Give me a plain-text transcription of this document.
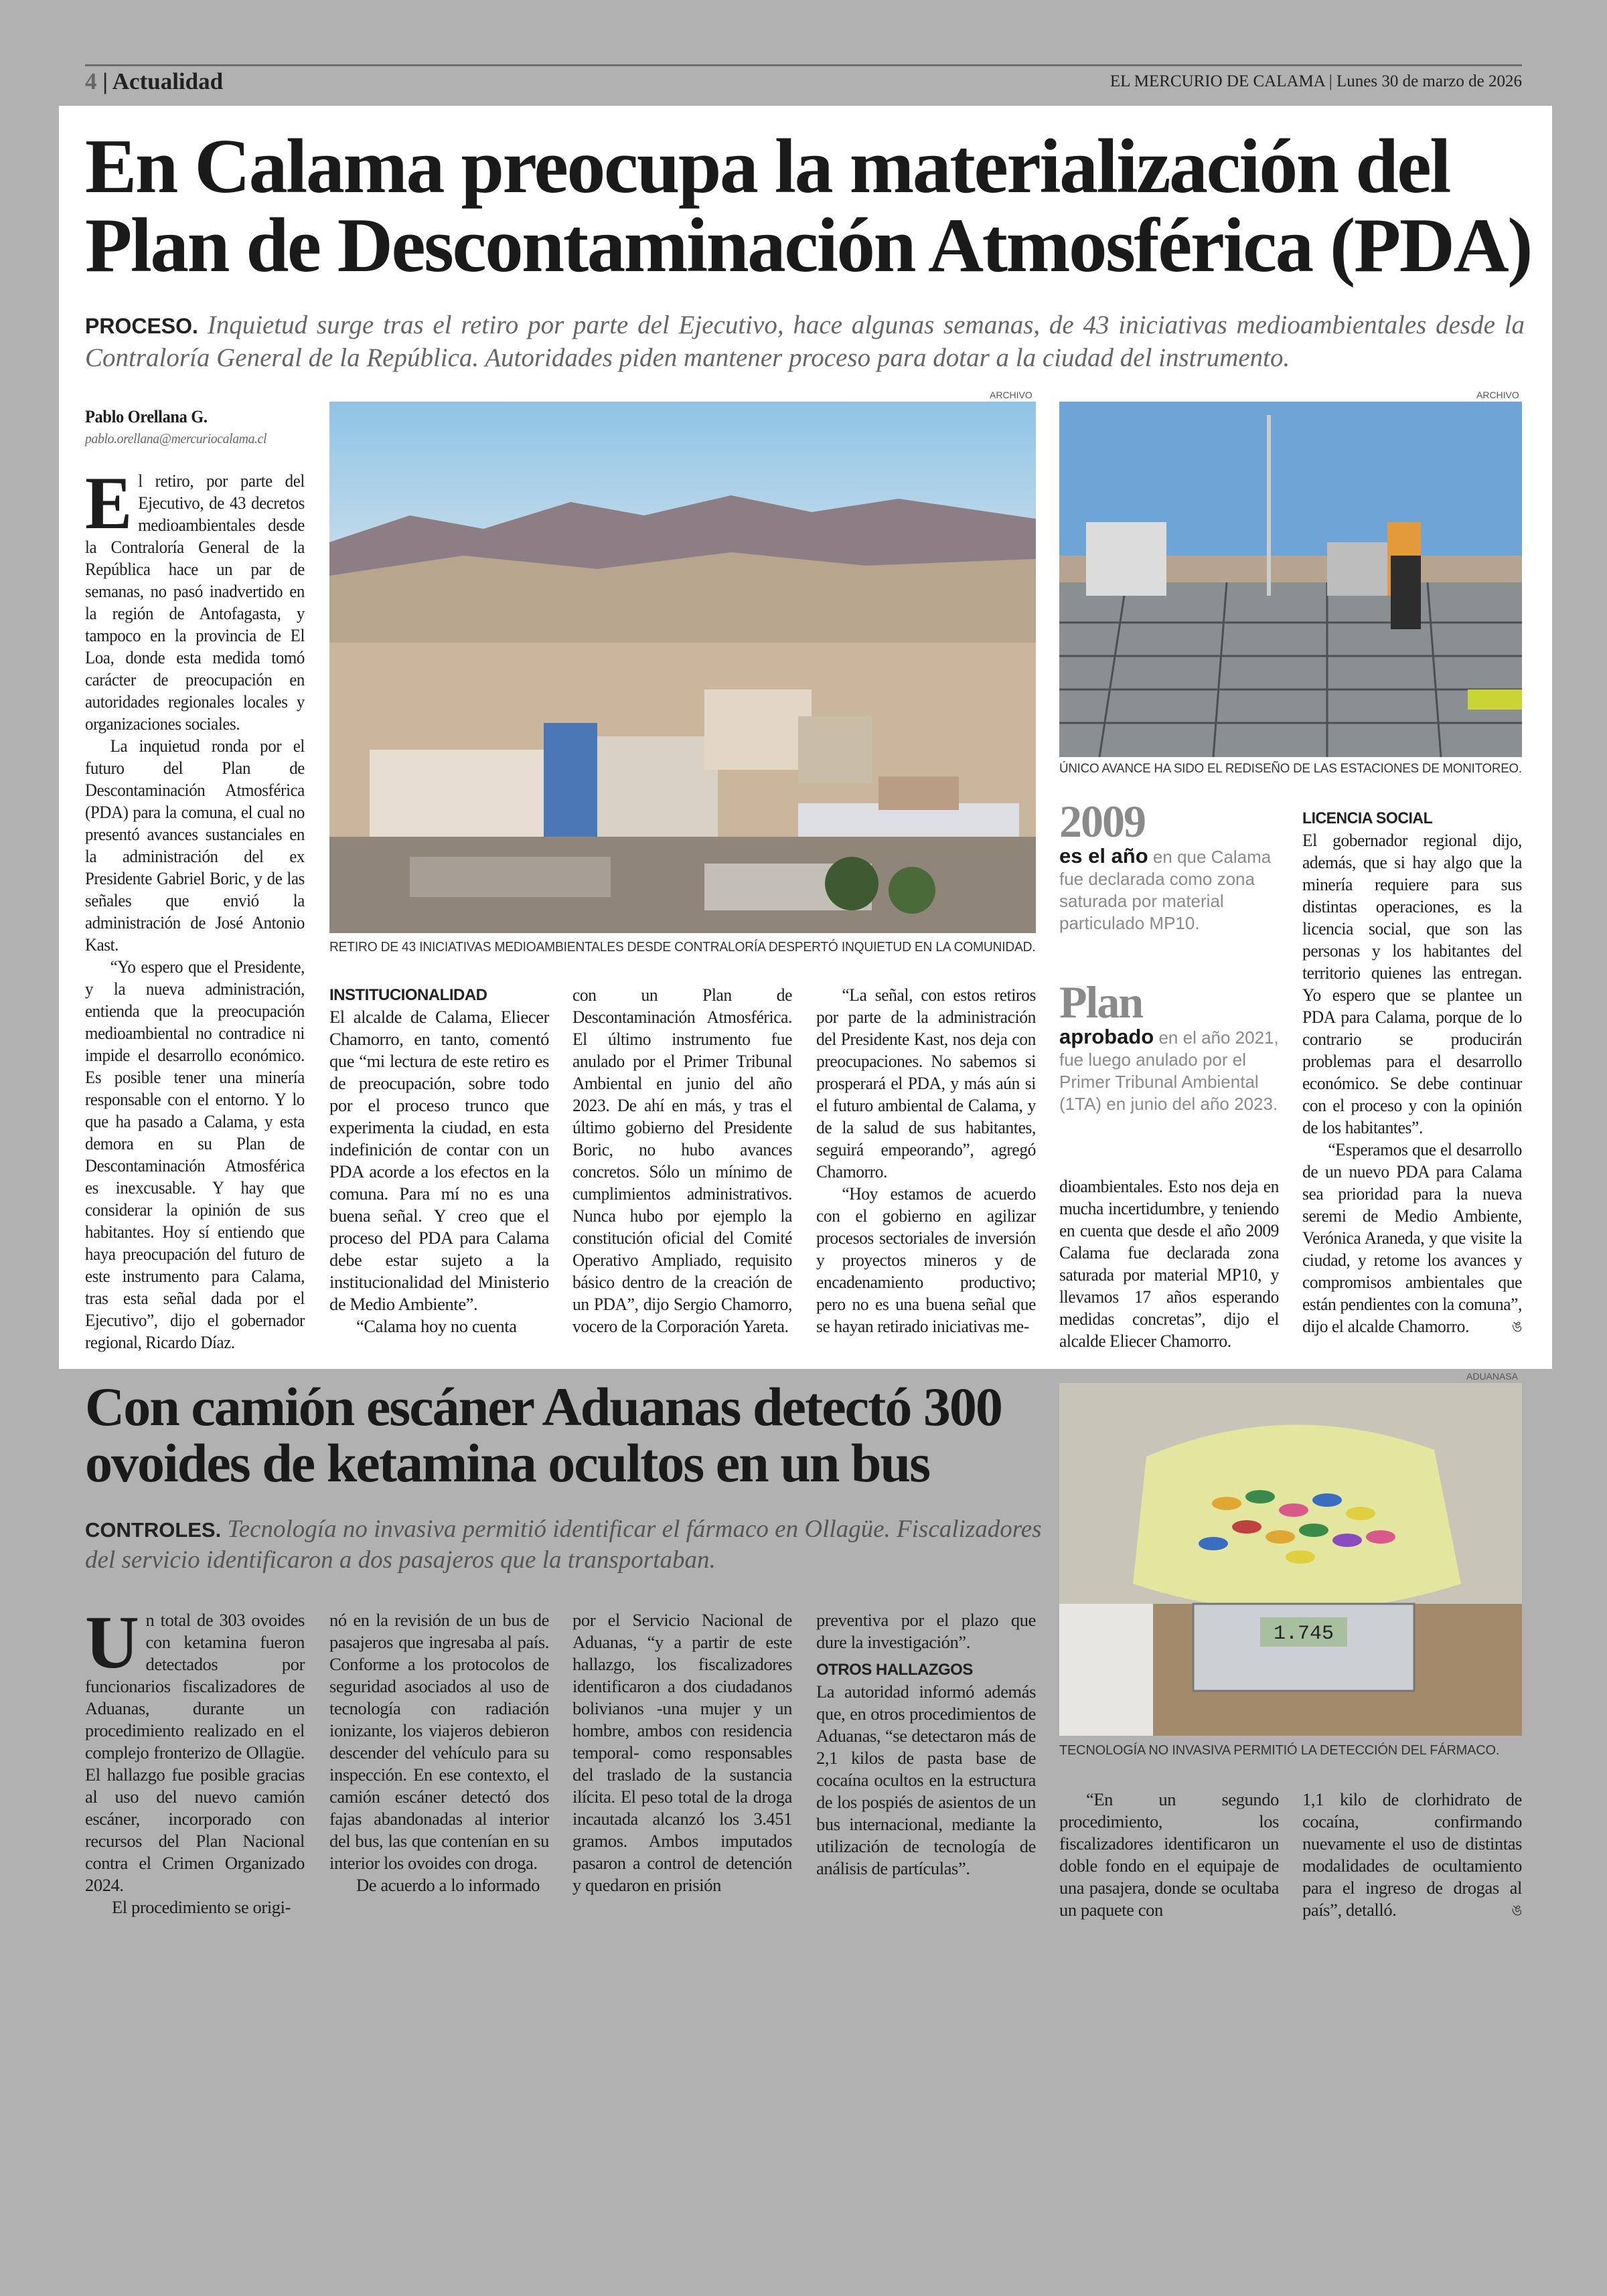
4 | Actualidad	EL MERCURIO DE CALAMA | Lunes 30 de marzo de 2026
En Calama preocupa la materialización del
Plan de Descontaminación Atmosférica (PDA)
PROCESO. Inquietud surge tras el retiro por parte del Ejecutivo, hace algunas semanas, de 43 iniciativas medioambientales desde la Contraloría General de la República. Autoridades piden mantener proceso para dotar a la ciudad del instrumento.
Pablo Orellana G.
pablo.orellana@mercuriocalama.cl

El retiro, por parte del Ejecutivo, de 43 decretos medioambientales desde la Contraloría General de la República hace un par de semanas, no pasó inadvertido en la región de Antofagasta, y tampoco en la provincia de El Loa, donde esta medida tomó carácter de preocupación en autoridades regionales locales y organizaciones sociales.

La inquietud ronda por el futuro del Plan de Descontaminación Atmosférica (PDA) para la comuna, el cual no presentó avances sustanciales en la administración del ex Presidente Gabriel Boric, y de las señales que envió la administración de José Antonio Kast.

“Yo espero que el Presidente, y la nueva administración, entienda que la preocupación medioambiental no contradice ni impide el desarrollo económico. Es posible tener una minería responsable con el entorno. Y lo que ha pasado a Calama, y esta demora en su Plan de Descontaminación Atmosférica es inexcusable. Y hay que considerar la opinión de sus habitantes. Hoy sí entiendo que haya preocupación del futuro de este instrumento para Calama, tras esta señal dada por el Ejecutivo”, dijo el gobernador regional, Ricardo Díaz.

ARCHIVO
RETIRO DE 43 INICIATIVAS MEDIOAMBIENTALES DESDE CONTRALORÍA DESPERTÓ INQUIETUD EN LA COMUNIDAD.
ARCHIVO
ÚNICO AVANCE HA SIDO EL REDISEÑO DE LAS ESTACIONES DE MONITOREO.
INSTITUCIONALIDAD

El alcalde de Calama, Eliecer Chamorro, en tanto, comentó que “mi lectura de este retiro es de preocupación, sobre todo por el proceso trunco que experimenta la ciudad, en esta indefinición de contar con un PDA acorde a los efectos en la comuna. Para mí no es una buena señal. Y creo que el proceso del PDA para Calama debe estar sujeto a la institucionalidad del Ministerio de Medio Ambiente”.

“Calama hoy no cuenta

con un Plan de Descontaminación Atmosférica. El último instrumento fue anulado por el Primer Tribunal Ambiental en junio del año 2023. De ahí en más, y tras el último gobierno del Presidente Boric, no hubo avances concretos. Sólo un mínimo de cumplimientos administrativos. Nunca hubo por ejemplo la constitución oficial del Comité Operativo Ampliado, requisito básico dentro de la creación de un PDA”, dijo Sergio Chamorro, vocero de la Corporación Yareta.

“La señal, con estos retiros por parte de la administración del Presidente Kast, nos deja con preocupaciones. No sabemos si prosperará el PDA, y más aún si el futuro ambiental de Calama, y de la salud de sus habitantes, seguirá empeorando”, agregó Chamorro.

“Hoy estamos de acuerdo con el gobierno en agilizar procesos sectoriales de inversión y proyectos mineros y de encadenamiento productivo; pero no es una buena señal que se hayan retirado iniciativas me-

2009
es el año en que Calama fue declarada como zona saturada por material particulado MP10.
Plan
aprobado en el año 2021, fue luego anulado por el Primer Tribunal Ambiental (1TA) en junio del año 2023.

dioambientales. Esto nos deja en mucha incertidumbre, y teniendo en cuenta que desde el año 2009 Calama fue declarada zona saturada por material MP10, y llevamos 17 años esperando medidas concretas”, dijo el alcalde Eliecer Chamorro.

LICENCIA SOCIAL

El gobernador regional dijo, además, que si hay algo que la minería requiere para sus distintas operaciones, es la licencia social, que son las personas y los habitantes del territorio quienes las entregan. Yo espero que se plantee un PDA para Calama, porque de lo contrario se producirán problemas para el desarrollo económico. Se debe continuar con el proceso y con la opinión de los habitantes”.

“Esperamos que el desarrollo de un nuevo PDA para Calama sea prioridad para la nueva seremi de Medio Ambiente, Verónica Araneda, y que visite la ciudad, y retome los avances y compromisos ambientales que están pendientes con la comuna”, dijo el alcalde Chamorro.	ঙ

Con camión escáner Aduanas detectó 300
ovoides de ketamina ocultos en un bus
CONTROLES. Tecnología no invasiva permitió identificar el fármaco en Ollagüe. Fiscalizadores del servicio identificaron a dos pasajeros que la transportaban.
ADUANASA
1.745
TECNOLOGÍA NO INVASIVA PERMITIÓ LA DETECCIÓN DEL FÁRMACO.

Un total de 303 ovoides con ketamina fueron detectados por funcionarios fiscalizadores de Aduanas, durante un procedimiento realizado en el complejo fronterizo de Ollagüe. El hallazgo fue posible gracias al uso del nuevo camión escáner, incorporado con recursos del Plan Nacional contra el Crimen Organizado 2024.

El procedimiento se origi-

nó en la revisión de un bus de pasajeros que ingresaba al país. Conforme a los protocolos de seguridad asociados al uso de tecnología con radiación ionizante, los viajeros debieron descender del vehículo para su inspección. En ese contexto, el camión escáner detectó dos fajas abandonadas al interior del bus, las que contenían en su interior los ovoides con droga.

De acuerdo a lo informado

por el Servicio Nacional de Aduanas, “y a partir de este hallazgo, los fiscalizadores identificaron a dos ciudadanos bolivianos -una mujer y un hombre, ambos con residencia temporal- como responsables del traslado de la sustancia ilícita. El peso total de la droga incautada alcanzó los 3.451 gramos. Ambos imputados pasaron a control de detención y quedaron en prisión

preventiva por el plazo que dure la investigación”.

OTROS HALLAZGOS

La autoridad informó además que, en otros procedimientos de Aduanas, “se detectaron más de 2,1 kilos de pasta base de cocaína ocultos en la estructura de los pospiés de asientos de un bus internacional, mediante la utilización de tecnología de análisis de partículas”.

“En un segundo procedimiento, los fiscalizadores identificaron un doble fondo en el equipaje de una pasajera, donde se ocultaba un paquete con

1,1 kilo de clorhidrato de cocaína, confirmando nuevamente el uso de distintas modalidades de ocultamiento para el ingreso de drogas al país”, detalló.	ঙ
